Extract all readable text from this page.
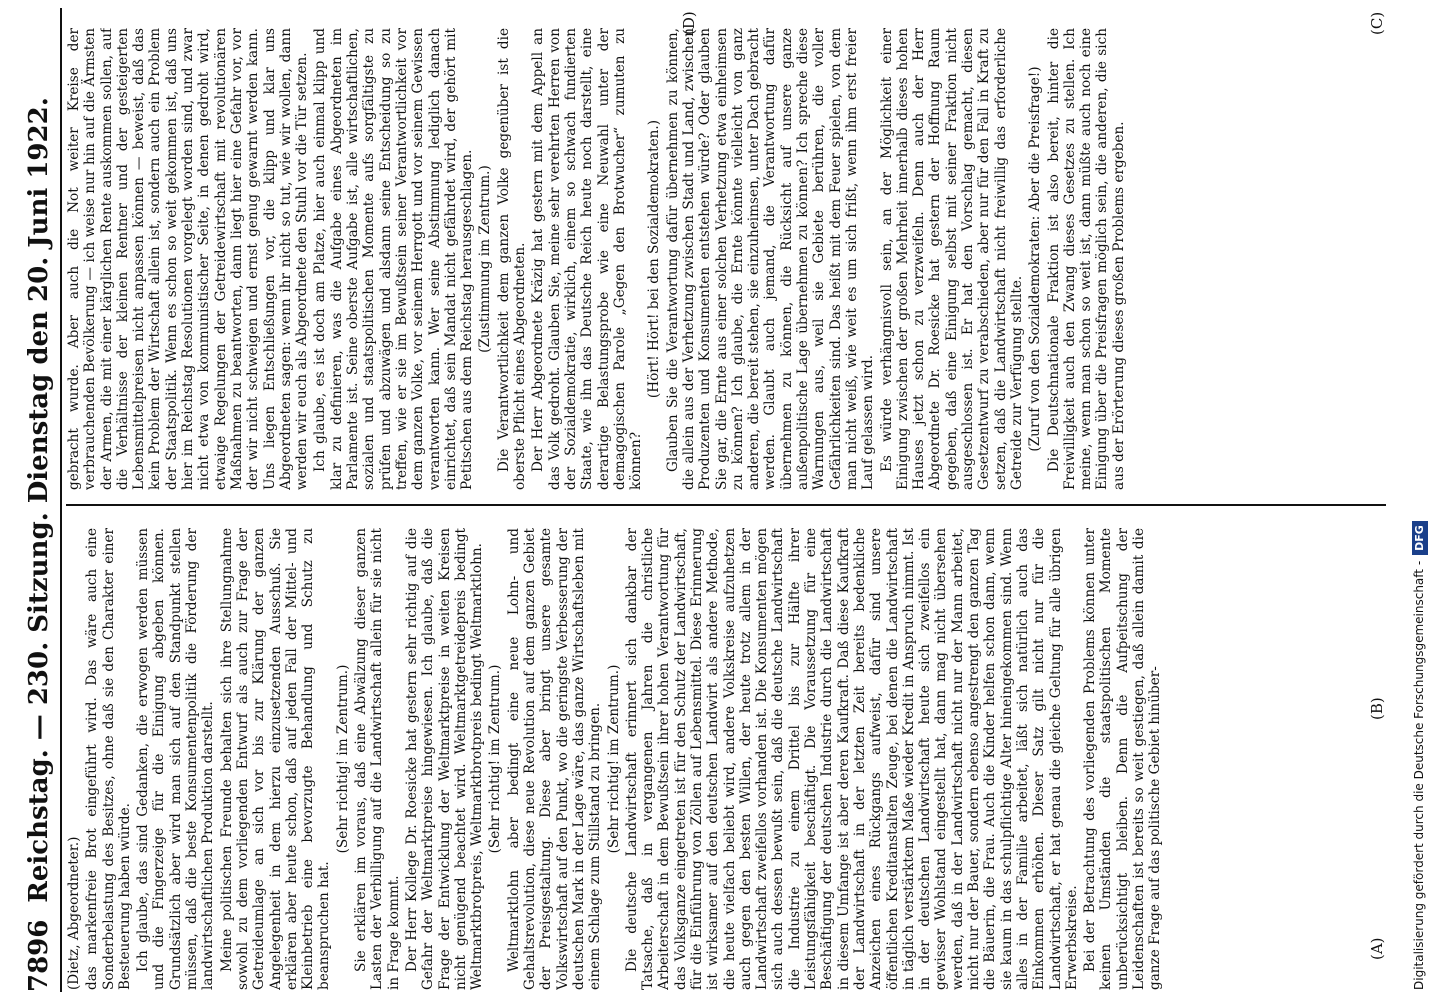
7896
Reichstag. — 230. Sitzung. Dienstag den 20. Juni 1922.
(A)
(B)
(C)
(D)

(Dietz, Abgeordneter.) das markenfreie Brot eingeführt wird. Das wäre auch eine Sonderbelastung des Besitzes, ohne daß sie den Charakter einer Besteuerung haben würde. Ich glaube, das sind Gedanken, die erwogen werden müssen und die Fingerzeige für die Einigung abgeben können. Grundsätzlich aber wird man sich auf den Standpunkt stellen müssen, daß die beste Konsumentenpolitik die Förderung der landwirtschaftlichen Produktion darstellt. Meine politischen Freunde behalten sich ihre Stellungnahme sowohl zu dem vorliegenden Entwurf als auch zur Frage der Getreideumlage an sich vor bis zur Klärung der ganzen Angelegenheit in dem hierzu einzusetzenden Ausschuß. Sie erklären aber heute schon, daß auf jeden Fall der Mittel- und Kleinbetrieb eine bevorzugte Behandlung und Schutz zu beanspruchen hat.

(Sehr richtig! im Zentrum.) Sie erklären im voraus, daß eine Abwälzung dieser ganzen Lasten der Verbilligung auf die Landwirtschaft allein für sie nicht in Frage kommt. Der Herr Kollege Dr. Roesicke hat gestern sehr richtig auf die Gefahr der Weltmarktpreise hingewiesen. Ich glaube, daß die Frage der Entwicklung der Weltmarktpreise in weiten Kreisen nicht genügend beachtet wird. Weltmarktgetreidepreis bedingt Weltmarktbrotpreis, Weltmarktbrotpreis bedingt Weltmarktlohn. (Sehr richtig! im Zentrum.) Weltmarktlohn aber bedingt eine neue Lohn- und Gehaltsrevolution, diese neue Revolution auf dem ganzen Gebiet der Preisgestaltung. Diese aber bringt unsere gesamte Volkswirtschaft auf den Punkt, wo die geringste Verbesserung der deutschen Mark in der Lage wäre, das ganze Wirtschaftsleben mit einem Schlage zum Stillstand zu bringen. (Sehr richtig! im Zentrum.) Die deutsche Landwirtschaft erinnert sich dankbar der Tatsache, daß in vergangenen Jahren die christliche Arbeiterschaft in dem Bewußtsein ihrer hohen Verantwortung für das Volksganze eingetreten ist für den Schutz der Landwirtschaft, für die Einführung von Zöllen auf Lebensmittel. Diese Erinnerung ist wirksamer auf den deutschen Landwirt als andere Methode, die heute vielfach beliebt wird, andere Volkskreise aufzuhetzen auch gegen den besten Willen, der heute trotz allem in der Landwirtschaft zweifellos vorhanden ist. Die Konsumenten mögen sich auch dessen bewußt sein, daß die deutsche Landwirtschaft die Industrie zu einem Drittel bis zur Hälfte ihrer Leistungsfähigkeit beschäftigt. Die Voraussetzung für eine Beschäftigung der deutschen Industrie durch die Landwirtschaft in diesem Umfange ist aber deren Kaufkraft. Daß diese Kaufkraft der Landwirtschaft in der letzten Zeit bereits bedenkliche Anzeichen eines Rückgangs aufweist, dafür sind unsere öffentlichen Kreditanstalten Zeuge, bei denen die Landwirtschaft in täglich verstärktem Maße wieder Kredit in Anspruch nimmt. Ist in der deutschen Landwirtschaft heute sich zweifellos ein gewisser Wohlstand eingestellt hat, dann mag nicht übersehen werden, daß in der Landwirtschaft nicht nur der Mann arbeitet, nicht nur der Bauer, sondern ebenso angestrengt den ganzen Tag die Bäuerin, die Frau. Auch die Kinder helfen schon dann, wenn sie kaum in das schulpflichtige Alter hineingekommen sind. Wenn alles in der Familie arbeitet, läßt sich natürlich auch das Einkommen erhöhen. Dieser Satz gilt nicht nur für die Landwirtschaft, er hat genau die gleiche Geltung für alle übrigen Erwerbskreise. Bei der Betrachtung des vorliegenden Problems können unter keinen Umständen die staatspolitischen Momente unberücksichtigt bleiben. Denn die Aufpeitschung der Leidenschaften ist bereits so weit gestiegen, daß allein damit die ganze Frage auf das politische Gebiet hinüber-

gebracht wurde. Aber auch die Not weiter Kreise der verbrauchenden Bevölkerung — ich weise nur hin auf die Ärmsten der Armen, die mit einer kärglichen Rente auskommen sollen, auf die Verhältnisse der kleinen Rentner und der gesteigerten Lebensmittelpreisen nicht anpassen können — beweist, daß das kein Problem der Wirtschaft allein ist, sondern auch ein Problem der Staatspolitik. Wenn es schon so weit gekommen ist, daß uns hier im Reichstag Resolutionen vorgelegt worden sind, und zwar nicht etwa von kommunistischer Seite, in denen gedroht wird, etwaige Regelungen der Getreidewirtschaft mit revolutionären Maßnahmen zu beantworten, dann liegt hier eine Gefahr vor, vor der wir nicht schweigen und ernst genug gewarnt werden kann. Uns liegen Entschließungen vor, die klipp und klar uns Abgeordneten sagen: wenn ihr nicht so tut, wie wir wollen, dann werden wir euch als Abgeordnete den Stuhl vor die Tür setzen. Ich glaube, es ist doch am Platze, hier auch einmal klipp und klar zu definieren, was die Aufgabe eines Abgeordneten im Parlamente ist. Seine oberste Aufgabe ist, alle wirtschaftlichen, sozialen und staatspolitischen Momente aufs sorgfältigste zu prüfen und abzuwägen und alsdann seine Entscheidung so zu treffen, wie er sie im Bewußtsein seiner Verantwortlichkeit vor dem ganzen Volke, vor seinem Herrgott und vor seinem Gewissen verantworten kann. Wer seine Abstimmung lediglich danach einrichtet, daß sein Mandat nicht gefährdet wird, der gehört mit Petitschen aus dem Reichstag herausgeschlagen. (Zustimmung im Zentrum.) Die Verantwortlichkeit dem ganzen Volke gegenüber ist die oberste Pflicht eines Abgeordneten. Der Herr Abgeordnete Kräzig hat gestern mit dem Appell an das Volk gedroht. Glauben Sie, meine sehr verehrten Herren von der Sozialdemokratie, wirklich, einem so schwach fundierten Staate, wie ihn das Deutsche Reich heute noch darstellt, eine derartige Belastungsprobe wie eine Neuwahl unter der demagogischen Parole „Gegen den Brotwucher“ zumuten zu können?

(Hört! Hört! bei den Sozialdemokraten.) Glauben Sie die Verantwortung dafür übernehmen zu können, die allein aus der Verhetzung zwischen Stadt und Land, zwischen Produzenten und Konsumenten entstehen würde? Oder glauben Sie gar, die Ernte aus einer solchen Verhetzung etwa einheimsen zu können? Ich glaube, die Ernte könnte vielleicht von ganz anderen, die bereit stehen, sie einzuheimsen, unter Dach gebracht werden. Glaubt auch jemand, die Verantwortung dafür übernehmen zu können, die Rücksicht auf unsere ganze außenpolitische Lage übernehmen zu können? Ich spreche diese Warnungen aus, weil sie Gebiete berühren, die voller Gefährlichkeiten sind. Das heißt mit dem Feuer spielen, von dem man nicht weiß, wie weit es um sich frißt, wenn ihm erst freier Lauf gelassen wird. Es würde verhängnisvoll sein, an der Möglichkeit einer Einigung zwischen der großen Mehrheit innerhalb dieses hohen Hauses jetzt schon zu verzweifeln. Denn auch der Herr Abgeordnete Dr. Roesicke hat gestern der Hoffnung Raum gegeben, daß eine Einigung selbst mit seiner Fraktion nicht ausgeschlossen ist. Er hat den Vorschlag gemacht, diesen Gesetzentwurf zu verabschieden, aber nur für den Fall in Kraft zu setzen, daß die Landwirtschaft nicht freiwillig das erforderliche Getreide zur Verfügung stellte. (Zuruf von den Sozialdemokraten: Aber die Preisfrage!) Die Deutschnationale Fraktion ist also bereit, hinter die Freiwilligkeit auch den Zwang dieses Gesetzes zu stellen. Ich meine, wenn man schon so weit ist, dann müßte auch noch eine Einigung über die Preisfragen möglich sein, die anderen, die sich aus der Erörterung dieses großen Problems ergeben.

Digitalisierung gefördert durch die Deutsche Forschungsgemeinschaft -DFG
